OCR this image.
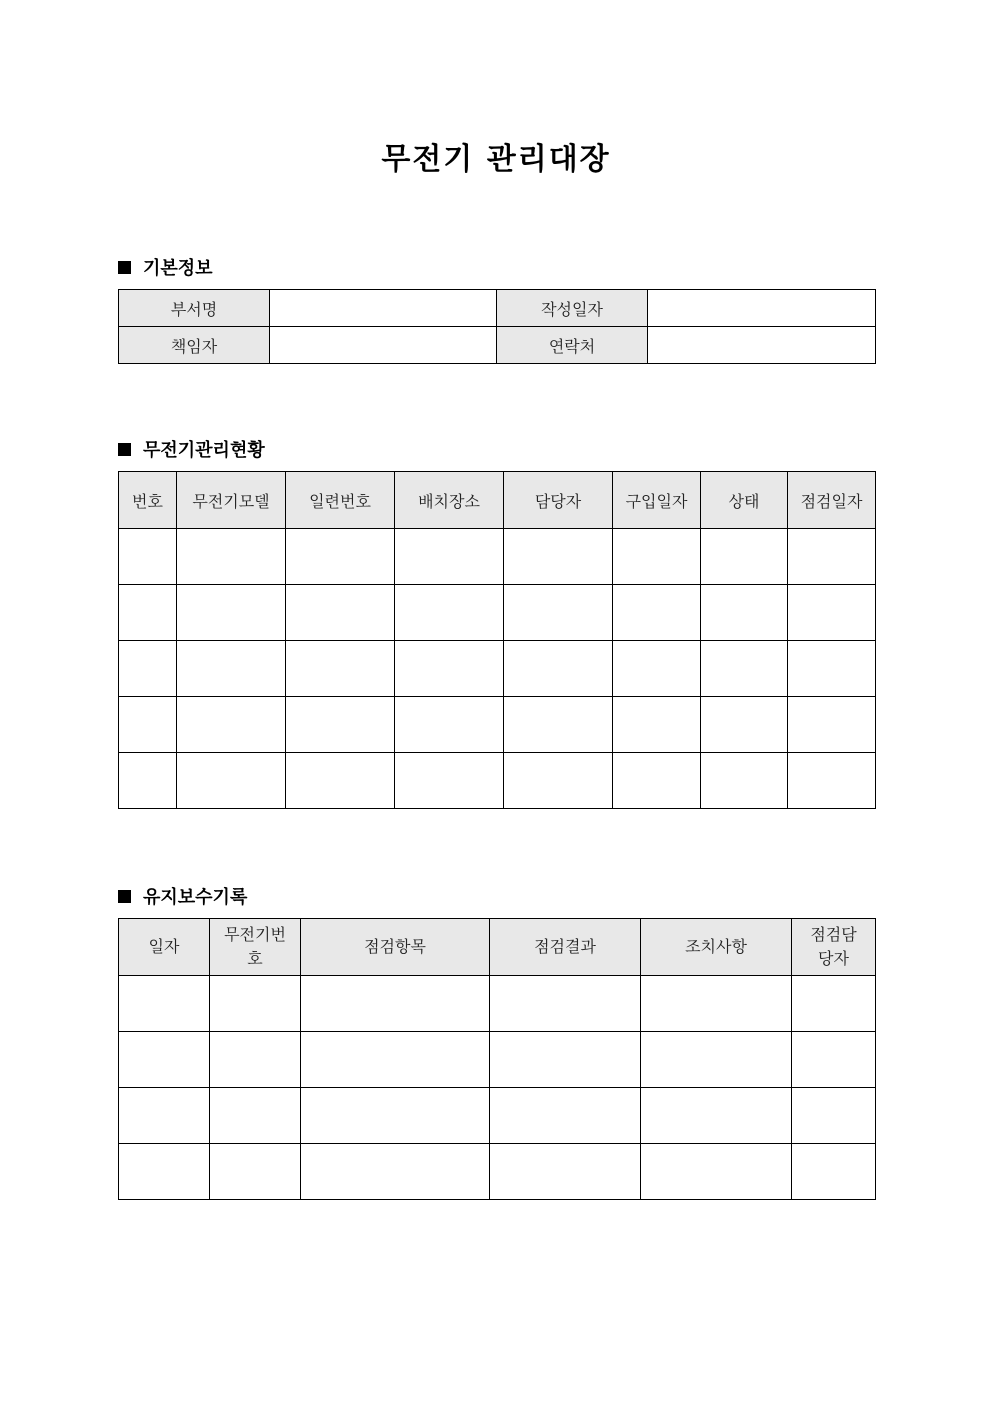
무전기 관리대장
기본정보
부서명		작성일자	
책임자		연락처	
무전기관리현황
번호	무전기모델	일련번호	배치장소	담당자	구입일자	상태	점검일자

유지보수기록
일자	무전기번호	점검항목	점검결과	조치사항	점검담당자
